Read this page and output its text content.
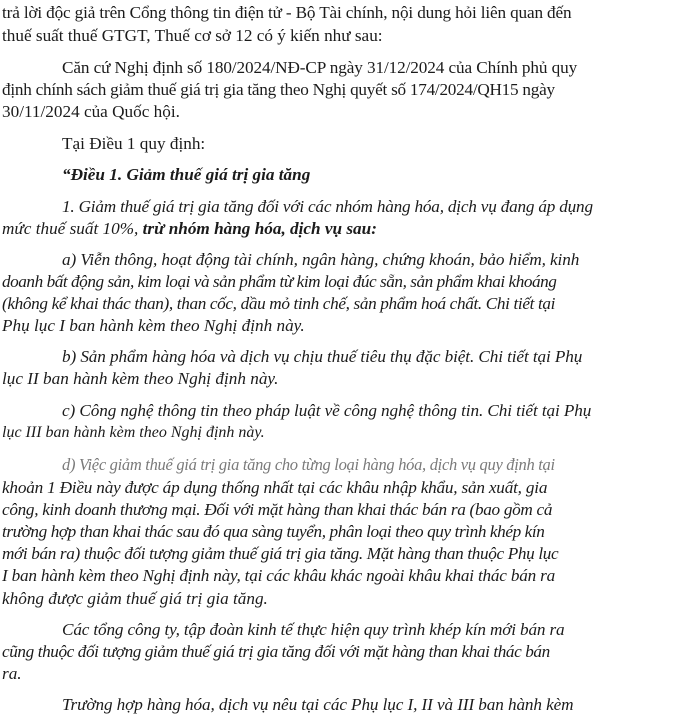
trả lời độc giả trên Cổng thông tin điện tử - Bộ Tài chính, nội dung hỏi liên quan đến
thuế suất thuế GTGT, Thuế cơ sở 12 có ý kiến như sau:
Căn cứ Nghị định số 180/2024/NĐ-CP ngày 31/12/2024 của Chính phủ quy
định chính sách giảm thuế giá trị gia tăng theo Nghị quyết số 174/2024/QH15 ngày
30/11/2024 của Quốc hội.
Tại Điều 1 quy định:
“Điều 1. Giảm thuế giá trị gia tăng
1. Giảm thuế giá trị gia tăng đối với các nhóm hàng hóa, dịch vụ đang áp dụng
mức thuế suất 10%, trừ nhóm hàng hóa, dịch vụ sau:
a) Viễn thông, hoạt động tài chính, ngân hàng, chứng khoán, bảo hiểm, kinh
doanh bất động sản, kim loại và sản phẩm từ kim loại đúc sẵn, sản phẩm khai khoáng
(không kể khai thác than), than cốc, dầu mỏ tinh chế, sản phẩm hoá chất. Chi tiết tại
Phụ lục I ban hành kèm theo Nghị định này.
b) Sản phẩm hàng hóa và dịch vụ chịu thuế tiêu thụ đặc biệt. Chi tiết tại Phụ
lục II ban hành kèm theo Nghị định này.
c) Công nghệ thông tin theo pháp luật về công nghệ thông tin. Chi tiết tại Phụ
lục III ban hành kèm theo Nghị định này.
d) Việc giảm thuế giá trị gia tăng cho từng loại hàng hóa, dịch vụ quy định tại
khoản 1 Điều này được áp dụng thống nhất tại các khâu nhập khẩu, sản xuất, gia
công, kinh doanh thương mại. Đối với mặt hàng than khai thác bán ra (bao gồm cả
trường hợp than khai thác sau đó qua sàng tuyển, phân loại theo quy trình khép kín
mới bán ra) thuộc đối tượng giảm thuế giá trị gia tăng. Mặt hàng than thuộc Phụ lục
I ban hành kèm theo Nghị định này, tại các khâu khác ngoài khâu khai thác bán ra
không được giảm thuế giá trị gia tăng.
Các tổng công ty, tập đoàn kinh tế thực hiện quy trình khép kín mới bán ra
cũng thuộc đối tượng giảm thuế giá trị gia tăng đối với mặt hàng than khai thác bán
ra.
Trường hợp hàng hóa, dịch vụ nêu tại các Phụ lục I, II và III ban hành kèm
